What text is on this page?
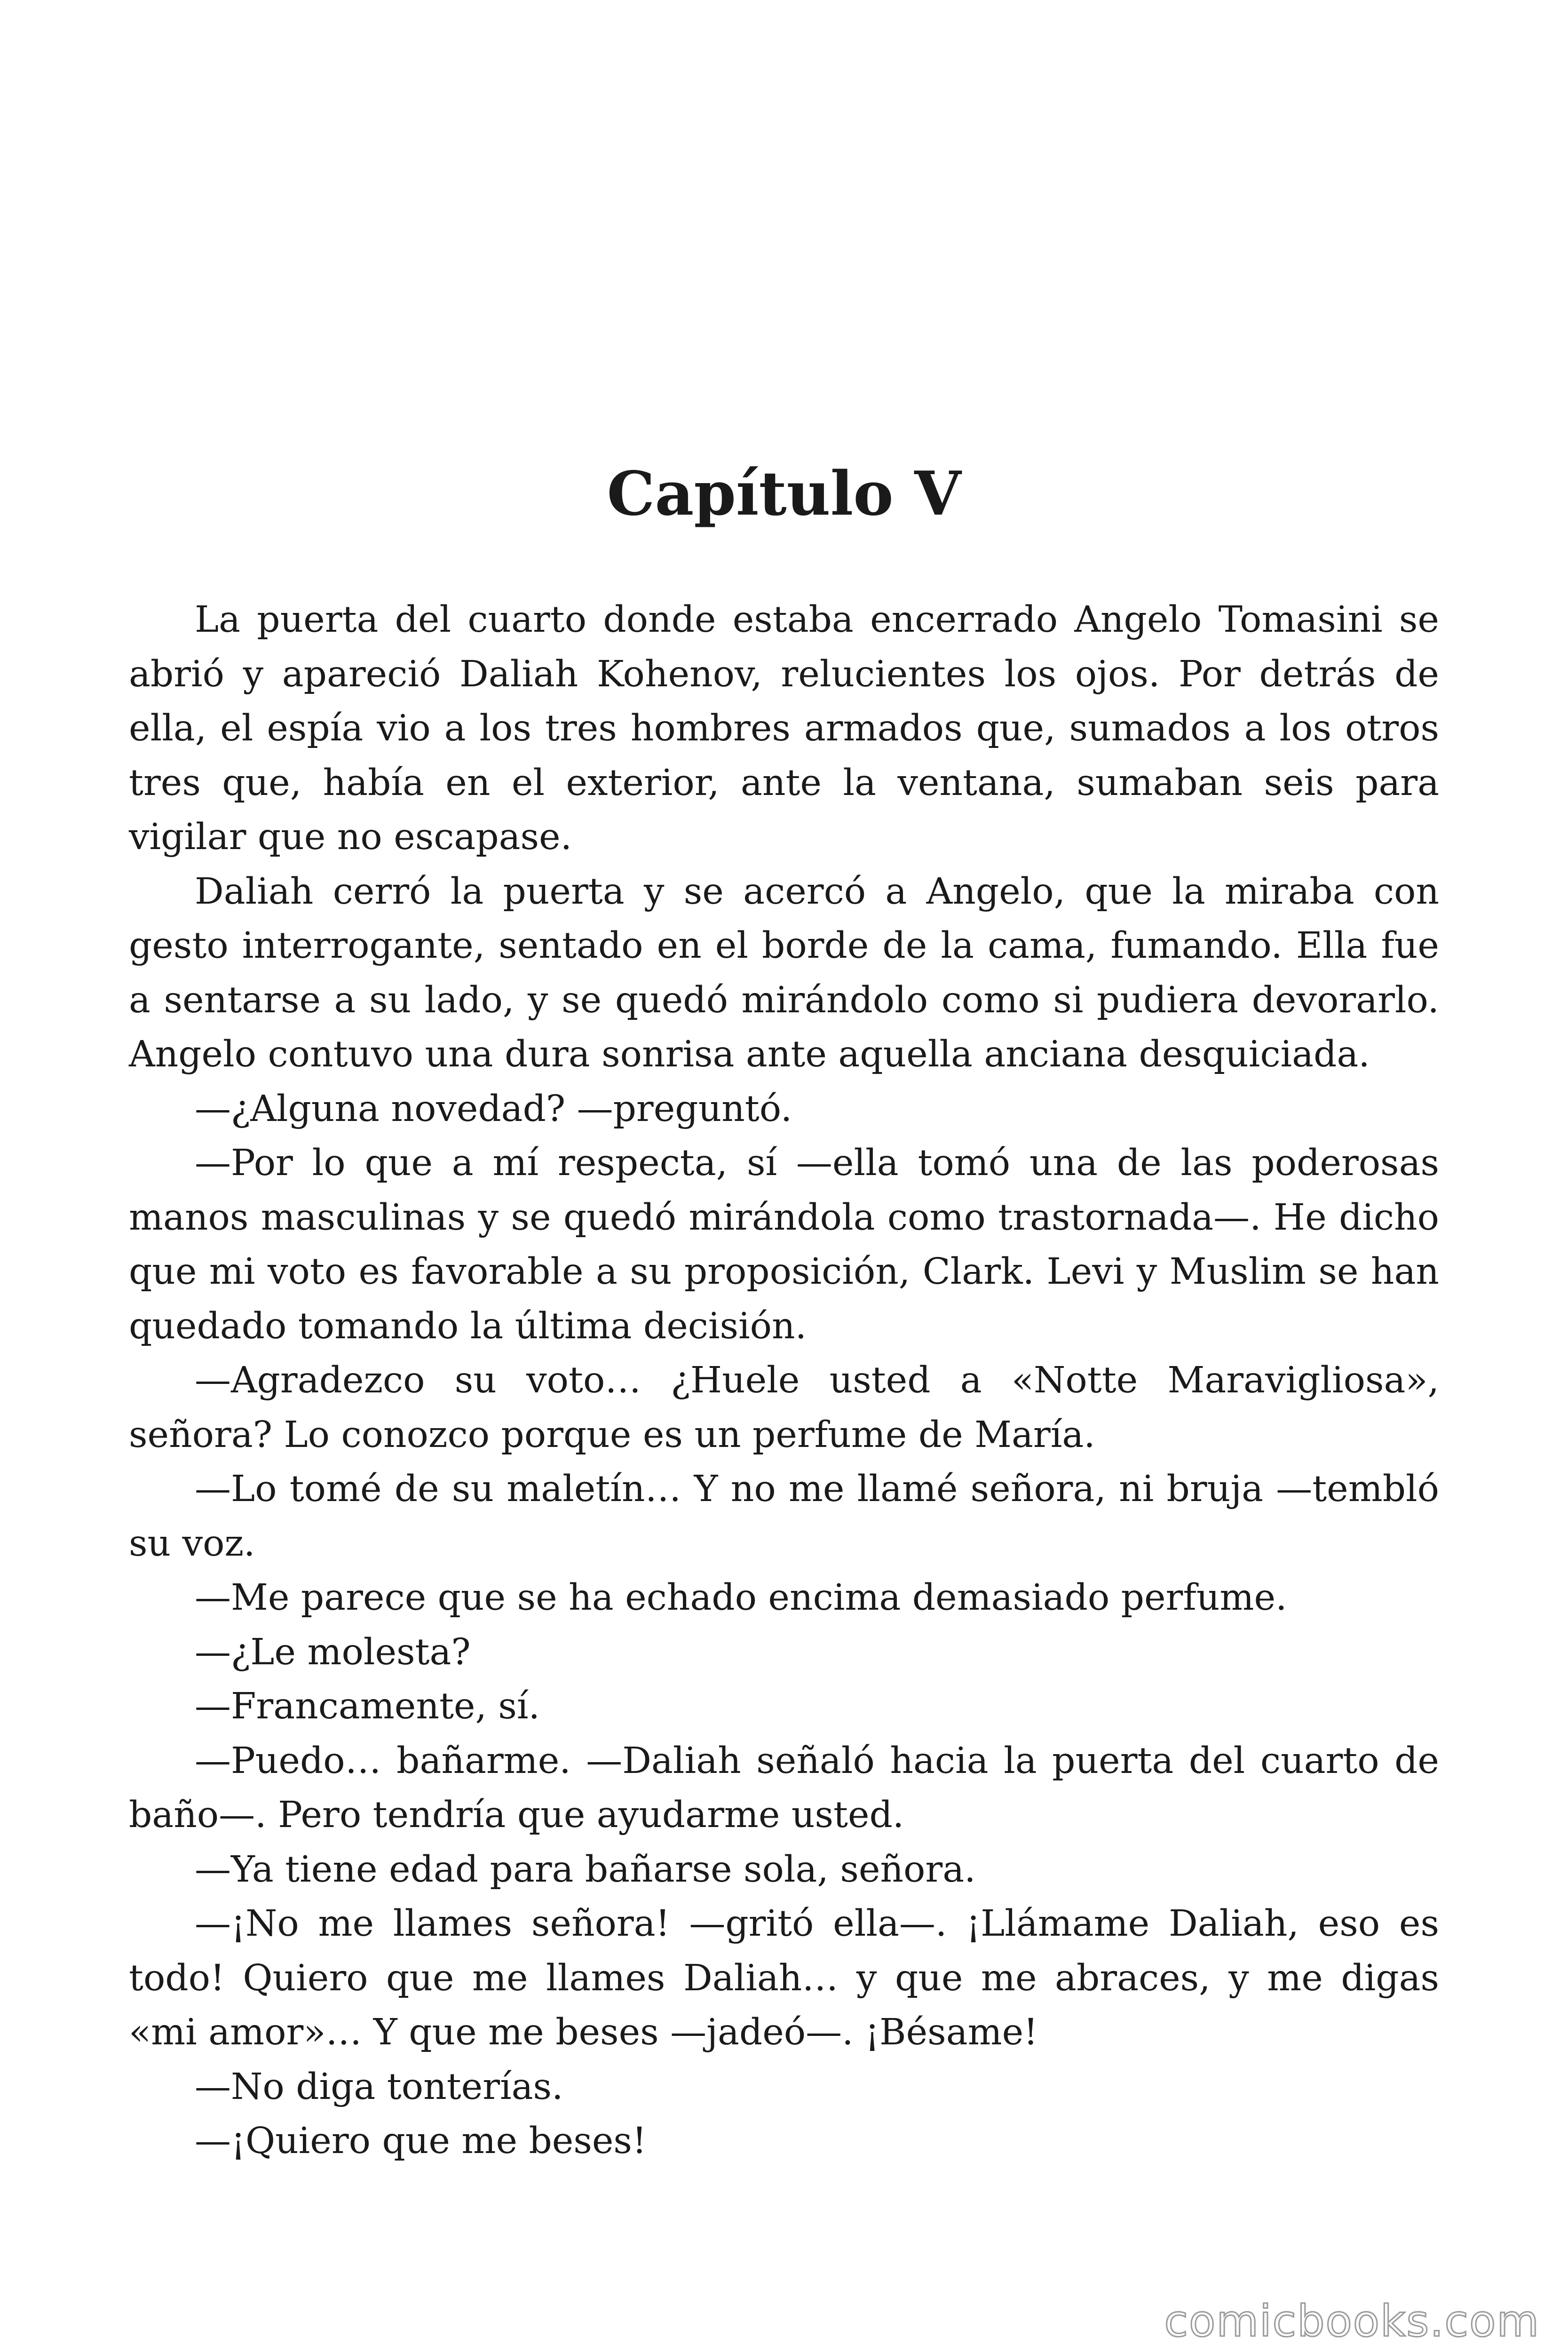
Capítulo V

La puerta del cuarto donde estaba encerrado Angelo Tomasini se abrió y apareció Daliah Kohenov, relucientes los ojos. Por detrás de ella, el espía vio a los tres hombres armados que, sumados a los otros tres que, había en el exterior, ante la ventana, sumaban seis para vigilar que no escapase.

Daliah cerró la puerta y se acercó a Angelo, que la miraba con gesto interrogante, sentado en el borde de la cama, fumando. Ella fue a sentarse a su lado, y se quedó mirándolo como si pudiera devorarlo. Angelo contuvo una dura sonrisa ante aquella anciana desquiciada.

—¿Alguna novedad? —preguntó.

—Por lo que a mí respecta, sí —ella tomó una de las poderosas manos masculinas y se quedó mirándola como trastornada—. He dicho que mi voto es favorable a su proposición, Clark. Levi y Muslim se han quedado tomando la última decisión.

—Agradezco su voto… ¿Huele usted a «Notte Maravigliosa», señora? Lo conozco porque es un perfume de María.

—Lo tomé de su maletín… Y no me llamé señora, ni bruja —tembló su voz.

—Me parece que se ha echado encima demasiado perfume.

—¿Le molesta?

—Francamente, sí.

—Puedo… bañarme. —Daliah señaló hacia la puerta del cuarto de baño—. Pero tendría que ayudarme usted.

—Ya tiene edad para bañarse sola, señora.

—¡No me llames señora! —gritó ella—. ¡Llámame Daliah, eso es todo! Quiero que me llames Daliah… y que me abraces, y me digas «mi amor»… Y que me beses —jadeó—. ¡Bésame!

—No diga tonterías.

—¡Quiero que me beses!

comicbooks.com
